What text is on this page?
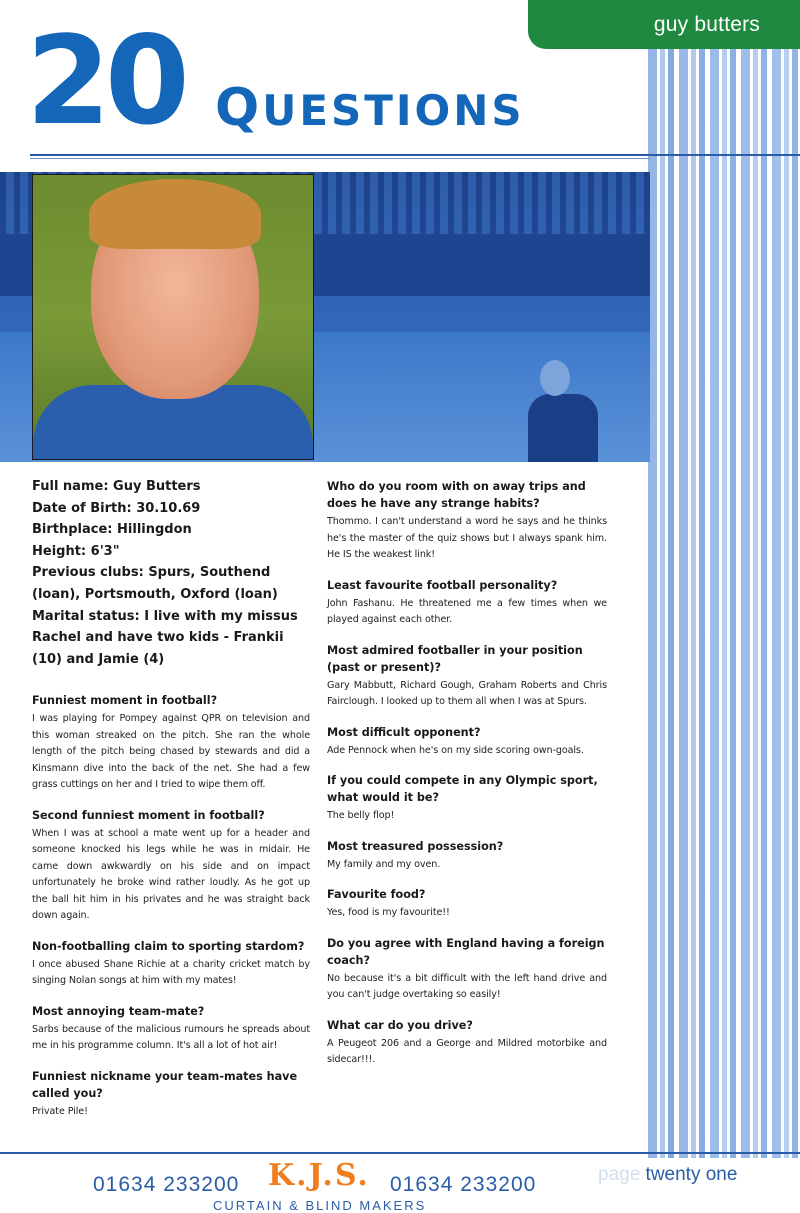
guy butters
20 QUESTIONS
Full name: Guy Butters
Date of Birth: 30.10.69
Birthplace: Hillingdon
Height: 6'3"
Previous clubs: Spurs, Southend (loan), Portsmouth, Oxford (loan)
Marital status: I live with my missus Rachel and have two kids - Frankii (10) and Jamie (4)
Funniest moment in football?
I was playing for Pompey against QPR on television and this woman streaked on the pitch. She ran the whole length of the pitch being chased by stewards and did a Kinsmann dive into the back of the net. She had a few grass cuttings on her and I tried to wipe them off.
Second funniest moment in football?
When I was at school a mate went up for a header and someone knocked his legs while he was in midair. He came down awkwardly on his side and on impact unfortunately he broke wind rather loudly. As he got up the ball hit him in his privates and he was straight back down again.
Non-footballing claim to sporting stardom?
I once abused Shane Richie at a charity cricket match by singing Nolan songs at him with my mates!
Most annoying team-mate?
Sarbs because of the malicious rumours he spreads about me in his programme column. It's all a lot of hot air!
Funniest nickname your team-mates have called you?
Private Pile!
Who do you room with on away trips and does he have any strange habits?
Thommo. I can't understand a word he says and he thinks he's the master of the quiz shows but I always spank him. He IS the weakest link!
Least favourite football personality?
John Fashanu. He threatened me a few times when we played against each other.
Most admired footballer in your position (past or present)?
Gary Mabbutt, Richard Gough, Graham Roberts and Chris Fairclough. I looked up to them all when I was at Spurs.
Most difficult opponent?
Ade Pennock when he's on my side scoring own-goals.
If you could compete in any Olympic sport, what would it be?
The belly flop!
Most treasured possession?
My family and my oven.
Favourite food?
Yes, food is my favourite!!
Do you agree with England having a foreign coach?
No because it's a bit difficult with the left hand drive and you can't judge overtaking so easily!
What car do you drive?
A Peugeot 206 and a George and Mildred motorbike and sidecar!!!.
01634 233200 K.J.S. 01634 233200
CURTAIN & BLIND MAKERS
page twenty one
